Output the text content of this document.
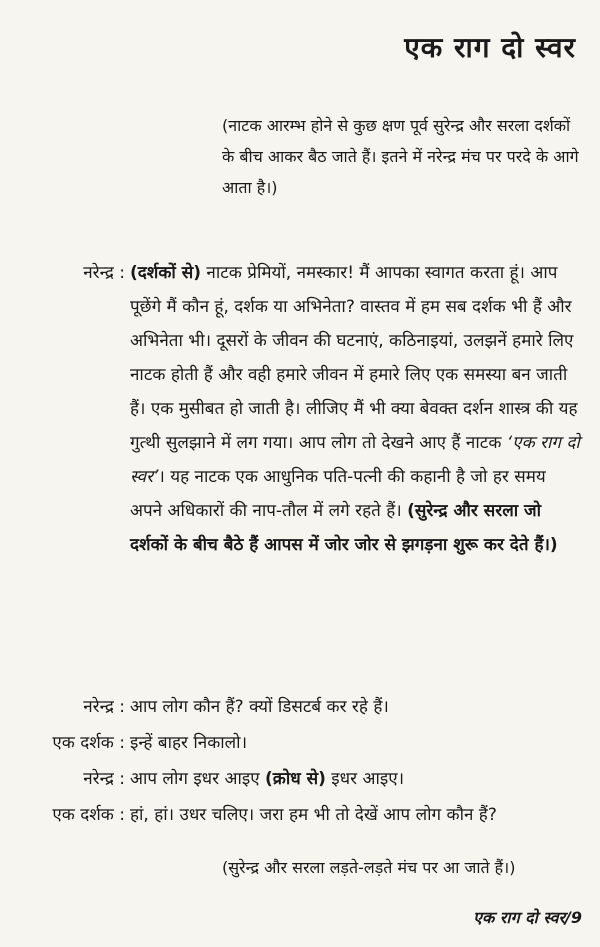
एक राग दो स्वर
(नाटक आरम्भ होने से कुछ क्षण पूर्व सुरेन्द्र और सरला दर्शकों के बीच आकर बैठ जाते हैं। इतने में नरेन्द्र मंच पर परदे के आगे आता है।)
नरेन्द्र : (दर्शकों से) नाटक प्रेमियों, नमस्कार! मैं आपका स्वागत करता हूं। आप पूछेंगे मैं कौन हूं, दर्शक या अभिनेता? वास्तव में हम सब दर्शक भी हैं और अभिनेता भी। दूसरों के जीवन की घटनाएं, कठिनाइयां, उलझनें हमारे लिए नाटक होती हैं और वही हमारे जीवन में हमारे लिए एक समस्या बन जाती हैं। एक मुसीबत हो जाती है। लीजिए मैं भी क्या बेवक्त दर्शन शास्त्र की यह गुत्थी सुलझाने में लग गया। आप लोग तो देखने आए हैं नाटक ‘एक राग दो स्वर’। यह नाटक एक आधुनिक पति-पत्नी की कहानी है जो हर समय अपने अधिकारों की नाप-तौल में लगे रहते हैं। (सुरेन्द्र और सरला जो दर्शकों के बीच बैठे हैं आपस में जोर जोर से झगड़ना शुरू कर देते हैं।)
नरेन्द्र : आप लोग कौन हैं? क्यों डिसटर्ब कर रहे हैं।
एक दर्शक : इन्हें बाहर निकालो।
नरेन्द्र : आप लोग इधर आइए (क्रोध से) इधर आइए।
एक दर्शक : हां, हां। उधर चलिए। जरा हम भी तो देखें आप लोग कौन हैं?
(सुरेन्द्र और सरला लड़ते-लड़ते मंच पर आ जाते हैं।)
एक राग दो स्वर/9
